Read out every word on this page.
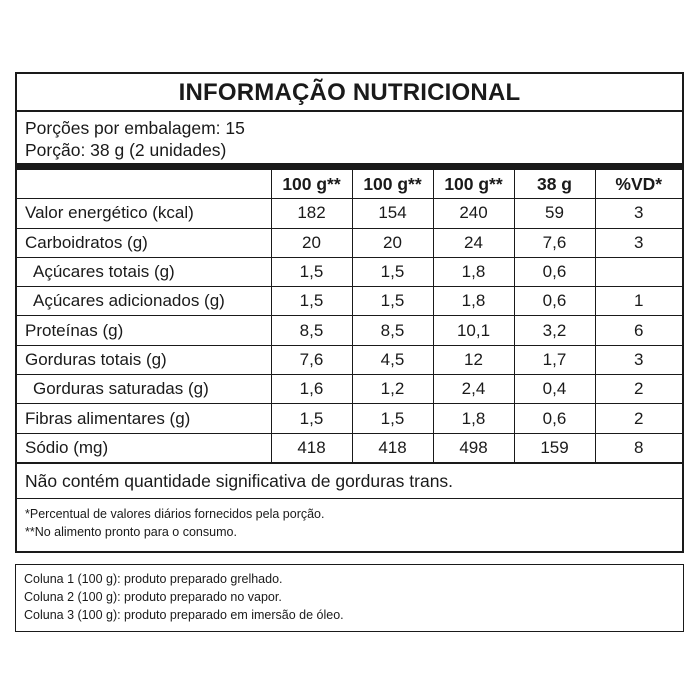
INFORMAÇÃO NUTRICIONAL
Porções por embalagem: 15
Porção: 38 g (2 unidades)
	100 g**	100 g**	100 g**	38 g	%VD*
Valor energético (kcal)	182	154	240	59	3
Carboidratos (g)	20	20	24	7,6	3
Açúcares totais (g)	1,5	1,5	1,8	0,6	
Açúcares adicionados (g)	1,5	1,5	1,8	0,6	1
Proteínas (g)	8,5	8,5	10,1	3,2	6
Gorduras totais (g)	7,6	4,5	12	1,7	3
Gorduras saturadas (g)	1,6	1,2	2,4	0,4	2
Fibras alimentares (g)	1,5	1,5	1,8	0,6	2
Sódio (mg)	418	418	498	159	8
Não contém quantidade significativa de gorduras trans.
*Percentual de valores diários fornecidos pela porção.
**No alimento pronto para o consumo.
Coluna 1 (100 g): produto preparado grelhado.
Coluna 2 (100 g): produto preparado no vapor.
Coluna 3 (100 g): produto preparado em imersão de óleo.
